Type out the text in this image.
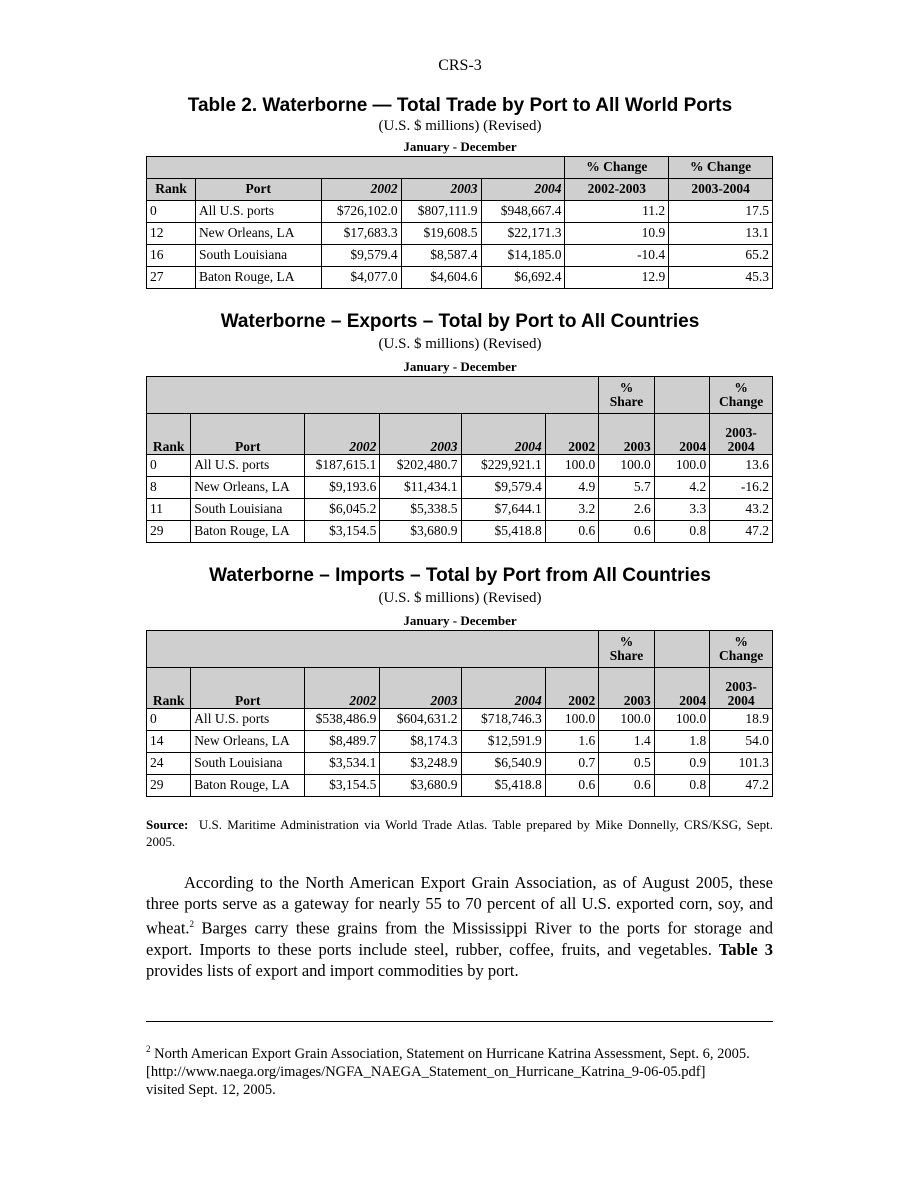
CRS-3
Table 2. Waterborne — Total Trade by Port to All World Ports
(U.S. $ millions) (Revised)
January - December
					% Change	% Change
Rank	Port	2002	2003	2004	2002-2003	2003-2004
0	All U.S. ports	$726,102.0	$807,111.9	$948,667.4	11.2	17.5
12	New Orleans, LA	$17,683.3	$19,608.5	$22,171.3	10.9	13.1
16	South Louisiana	$9,579.4	$8,587.4	$14,185.0	-10.4	65.2
27	Baton Rouge, LA	$4,077.0	$4,604.6	$6,692.4	12.9	45.3
Waterborne – Exports – Total by Port to All Countries
(U.S. $ millions) (Revised)
January - December
						% Share		% Change
Rank	Port	2002	2003	2004	2002	2003	2004	2003-2004
0	All U.S. ports	$187,615.1	$202,480.7	$229,921.1	100.0	100.0	100.0	13.6
8	New Orleans, LA	$9,193.6	$11,434.1	$9,579.4	4.9	5.7	4.2	-16.2
11	South Louisiana	$6,045.2	$5,338.5	$7,644.1	3.2	2.6	3.3	43.2
29	Baton Rouge, LA	$3,154.5	$3,680.9	$5,418.8	0.6	0.6	0.8	47.2
Waterborne – Imports – Total by Port from All Countries
(U.S. $ millions) (Revised)
January - December
						% Share		% Change
Rank	Port	2002	2003	2004	2002	2003	2004	2003-2004
0	All U.S. ports	$538,486.9	$604,631.2	$718,746.3	100.0	100.0	100.0	18.9
14	New Orleans, LA	$8,489.7	$8,174.3	$12,591.9	1.6	1.4	1.8	54.0
24	South Louisiana	$3,534.1	$3,248.9	$6,540.9	0.7	0.5	0.9	101.3
29	Baton Rouge, LA	$3,154.5	$3,680.9	$5,418.8	0.6	0.6	0.8	47.2
Source: U.S. Maritime Administration via World Trade Atlas. Table prepared by Mike Donnelly, CRS/KSG, Sept. 2005.
According to the North American Export Grain Association, as of August 2005, these three ports serve as a gateway for nearly 55 to 70 percent of all U.S. exported corn, soy, and wheat.$^2$ Barges carry these grains from the Mississippi River to the ports for storage and export. Imports to these ports include steel, rubber, coffee, fruits, and vegetables. Table 3 provides lists of export and import commodities by port.
$^2$ North American Export Grain Association, Statement on Hurricane Katrina Assessment, Sept. 6, 2005.
[http://www.naega.org/images/NGFA_NAEGA_Statement_on_Hurricane_Katrina_9-06-05.pdf]
visited Sept. 12, 2005.
